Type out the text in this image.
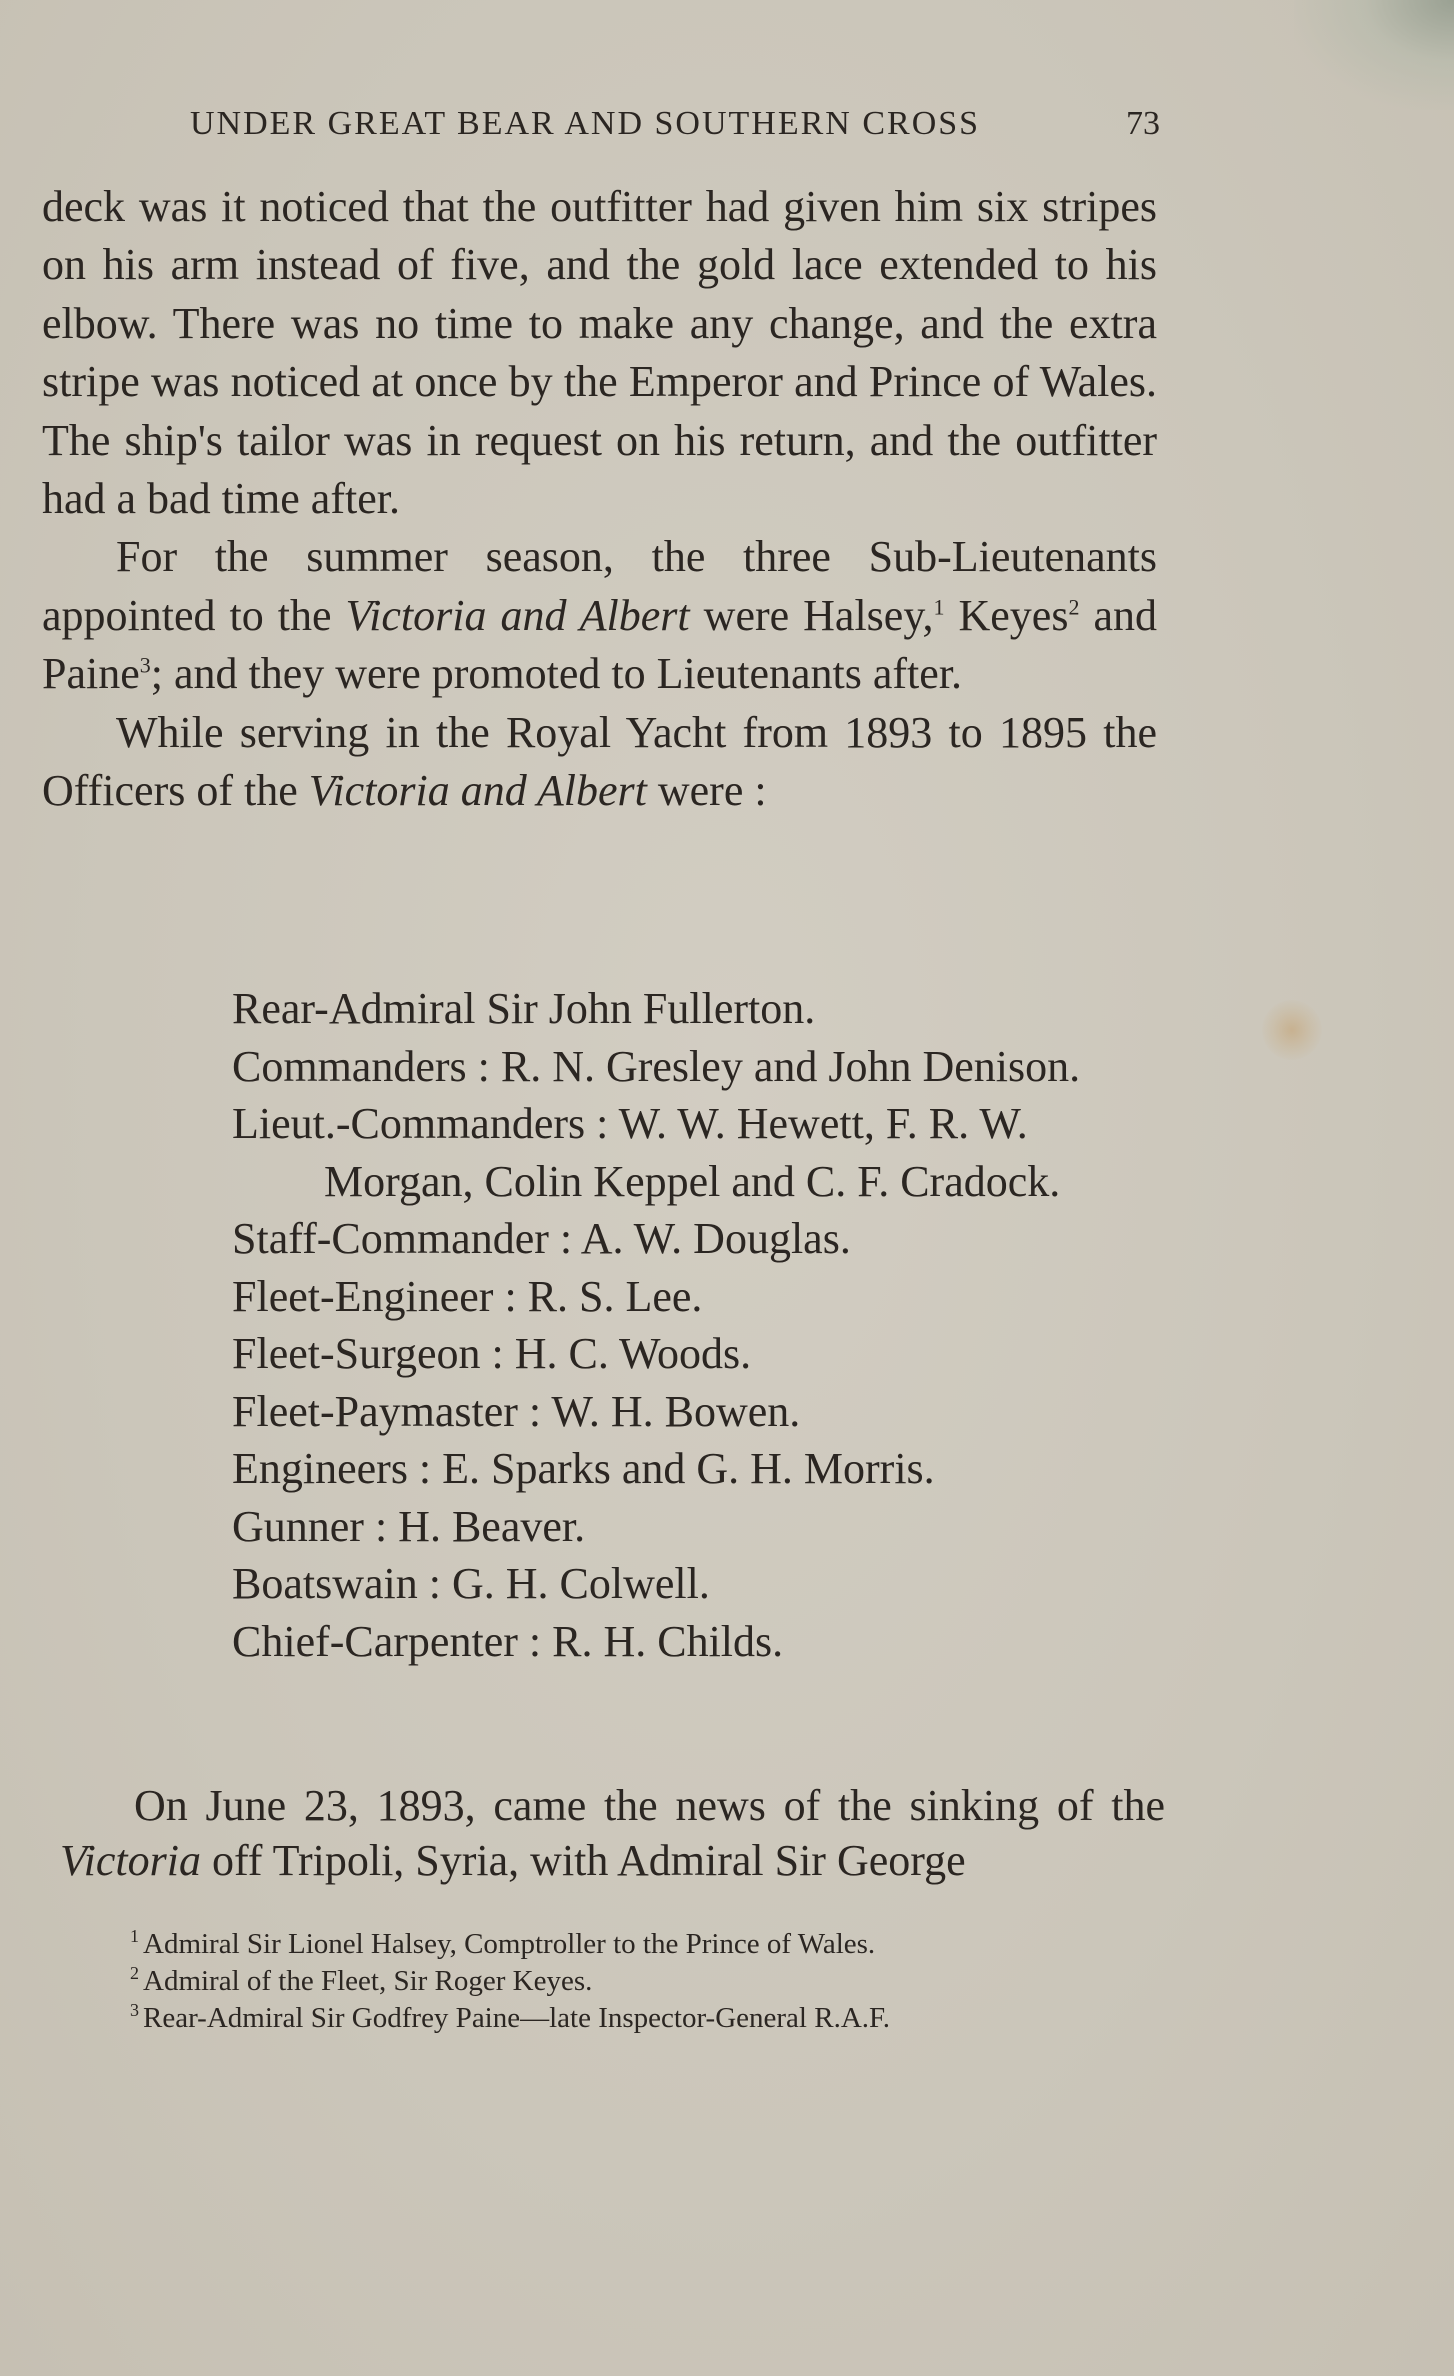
UNDER GREAT BEAR AND SOUTHERN CROSS	73

deck was it noticed that the outfitter had given him six stripes on his arm instead of five, and the gold lace extended to his elbow. There was no time to make any change, and the extra stripe was noticed at once by the Emperor and Prince of Wales. The ship's tailor was in request on his return, and the outfitter had a bad time after.

For the summer season, the three Sub-Lieutenants appointed to the Victoria and Albert were Halsey,$^1$ Keyes$^2$ and Paine$^3$; and they were promoted to Lieutenants after.

While serving in the Royal Yacht from 1893 to 1895 the Officers of the Victoria and Albert were :

Rear-Admiral Sir John Fullerton.

Commanders : R. N. Gresley and John Denison.

Lieut.-Commanders : W. W. Hewett, F. R. W. Morgan, Colin Keppel and C. F. Cradock.

Staff-Commander : A. W. Douglas.

Fleet-Engineer : R. S. Lee.

Fleet-Surgeon : H. C. Woods.

Fleet-Paymaster : W. H. Bowen.

Engineers : E. Sparks and G. H. Morris.

Gunner : H. Beaver.

Boatswain : G. H. Colwell.

Chief-Carpenter : R. H. Childs.

On June 23, 1893, came the news of the sinking of the Victoria off Tripoli, Syria, with Admiral Sir George

$^1$ Admiral Sir Lionel Halsey, Comptroller to the Prince of Wales.

$^2$ Admiral of the Fleet, Sir Roger Keyes.

$^3$ Rear-Admiral Sir Godfrey Paine—late Inspector-General R.A.F.
